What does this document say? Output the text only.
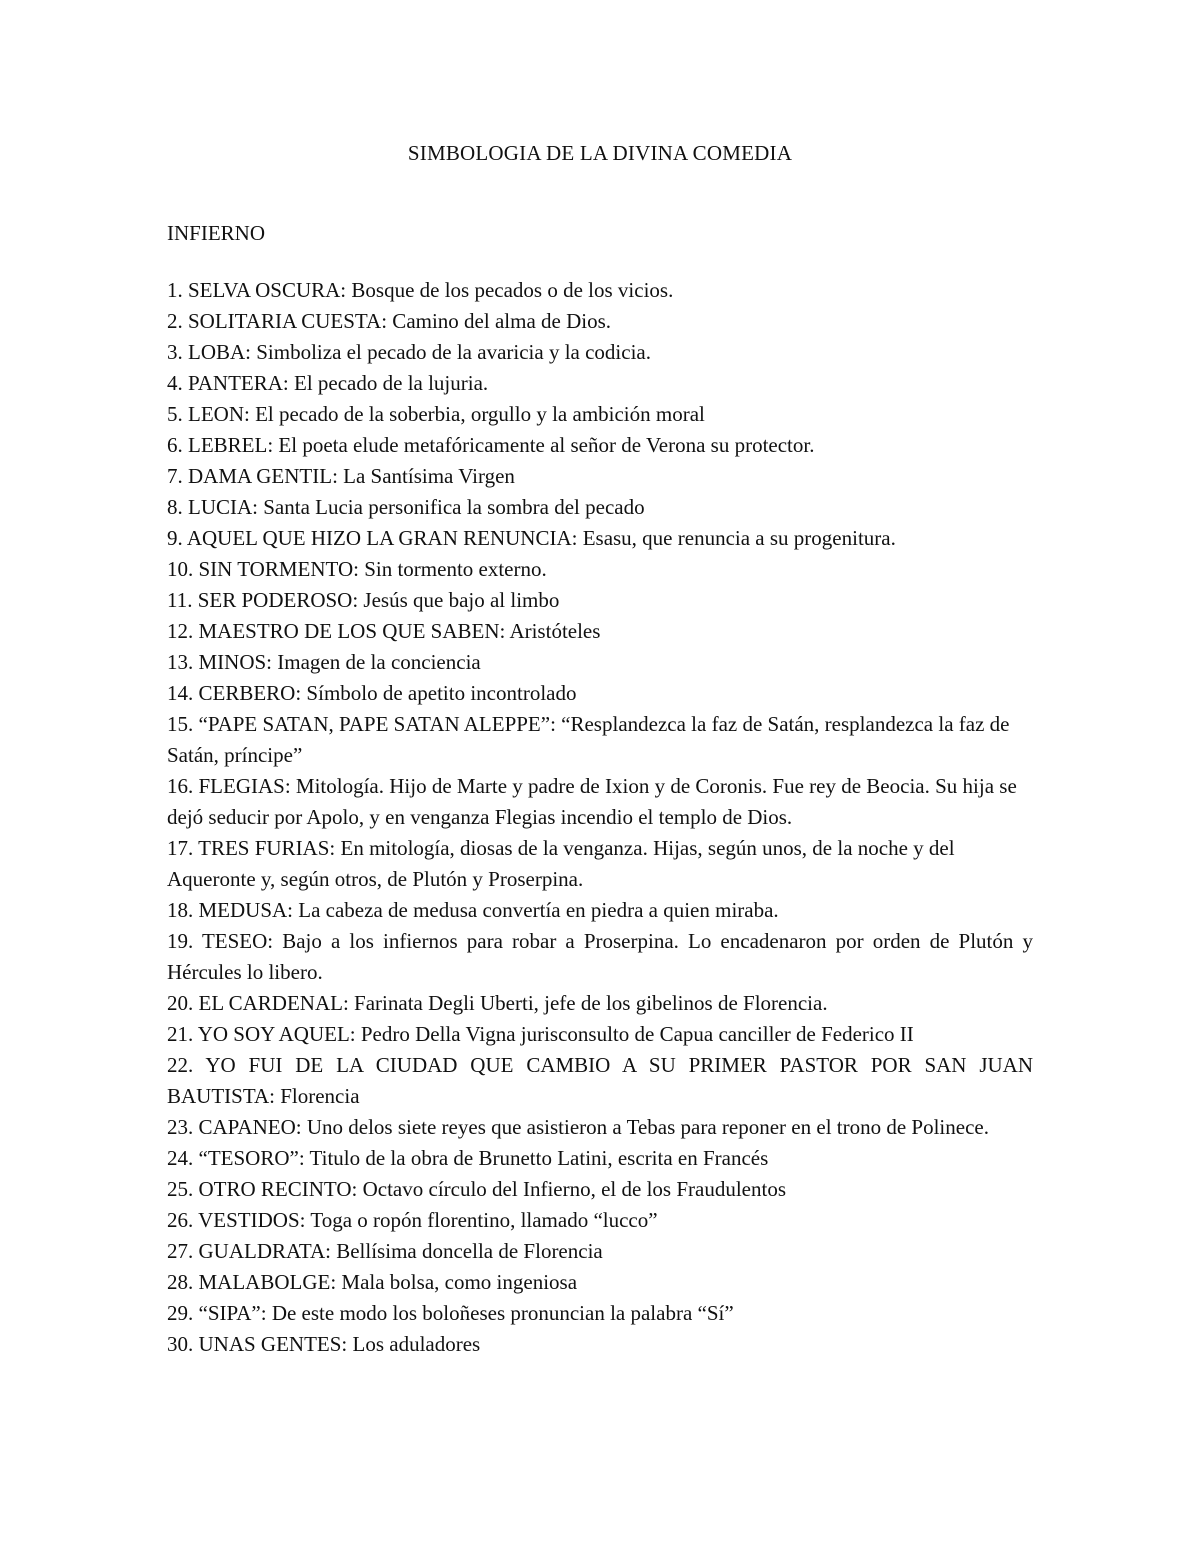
SIMBOLOGIA DE LA DIVINA COMEDIA
INFIERNO
1. SELVA OSCURA: Bosque de los pecados o de los vicios.
2. SOLITARIA CUESTA: Camino del alma de Dios.
3. LOBA: Simboliza el pecado de la avaricia y la codicia.
4. PANTERA: El pecado de la lujuria.
5. LEON: El pecado de la soberbia, orgullo y la ambición moral
6. LEBREL: El poeta elude metafóricamente al señor de Verona su protector.
7. DAMA GENTIL: La Santísima Virgen
8. LUCIA: Santa Lucia personifica la sombra del pecado
9. AQUEL QUE HIZO LA GRAN RENUNCIA: Esasu, que renuncia a su progenitura.
10. SIN TORMENTO: Sin tormento externo.
11. SER PODEROSO: Jesús que bajo al limbo
12. MAESTRO DE LOS QUE SABEN: Aristóteles
13. MINOS: Imagen de la conciencia
14. CERBERO: Símbolo de apetito incontrolado
15. “PAPE SATAN, PAPE SATAN ALEPPE”: “Resplandezca la faz de Satán, resplandezca la faz de Satán, príncipe”
16. FLEGIAS: Mitología. Hijo de Marte y padre de Ixion y de Coronis. Fue rey de Beocia. Su hija se dejó seducir por Apolo, y en venganza Flegias incendio el templo de Dios.
17. TRES FURIAS: En mitología, diosas de la venganza. Hijas, según unos, de la noche y del Aqueronte y, según otros, de Plutón y Proserpina.
18. MEDUSA: La cabeza de medusa convertía en piedra a quien miraba.
19. TESEO: Bajo a los infiernos para robar a Proserpina. Lo encadenaron por orden de Plutón y Hércules lo libero.
20. EL CARDENAL: Farinata Degli Uberti, jefe de los gibelinos de Florencia.
21. YO SOY AQUEL: Pedro Della Vigna jurisconsulto de Capua canciller de Federico II
22. YO FUI DE LA CIUDAD QUE CAMBIO A SU PRIMER PASTOR POR SAN JUAN BAUTISTA: Florencia
23. CAPANEO: Uno delos siete reyes que asistieron a Tebas para reponer en el trono de Polinece.
24. “TESORO”: Titulo de la obra de Brunetto Latini, escrita en Francés
25. OTRO RECINTO: Octavo círculo del Infierno, el de los Fraudulentos
26. VESTIDOS: Toga o ropón florentino, llamado “lucco”
27. GUALDRATA: Bellísima doncella de Florencia
28. MALABOLGE: Mala bolsa, como ingeniosa
29. “SIPA”: De este modo los boloñeses pronuncian la palabra “Sí”
30. UNAS GENTES: Los aduladores
